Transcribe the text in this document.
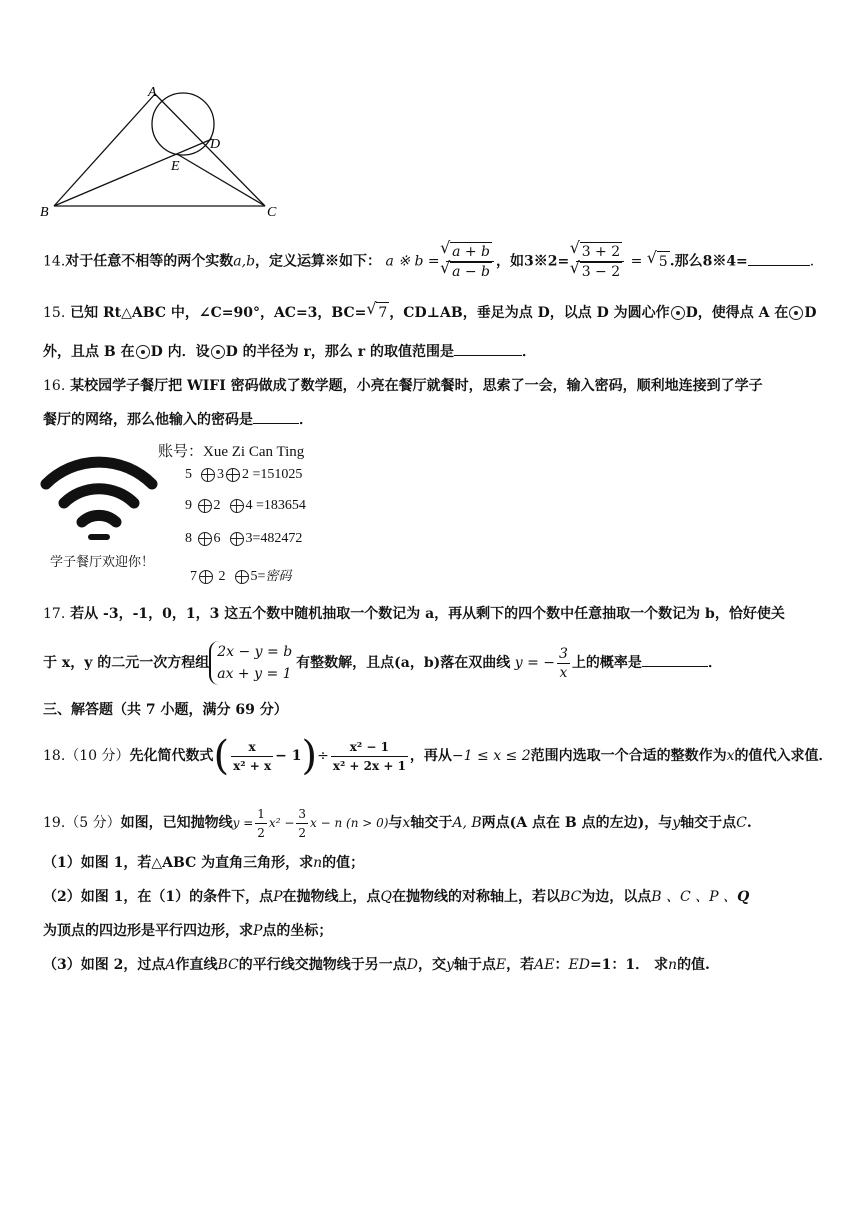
A
B	C
D
E
14.对于任意不相等的两个实数a,b，定义运算※如下： a ※ b = √ a + b
√ a − b ，如3※2= √ 3 + 2
√ 3 − 2 = √ 5 .那么8※4=	.
15. 已知 Rt△ABC 中，∠C=90°，AC=3，BC= √ 7 ，CD⊥AB，垂足为点 D，以点 D 为圆心作 D，使得点 A 在 D
外，且点 B 在 D 内．设 D 的半径为 r，那么 r 的取值范围是	．
16. 某校园学子餐厅把 WIFI 密码做成了数学题，小亮在餐厅就餐时，思索了一会，输入密码，顺利地连接到了学子
餐厅的网络，那么他输入的密码是	．
学子餐厅欢迎你！
账号：Xue Zi Can Ting
5 3 2 =151025
9 2 4 =183654
8 6 3=482472
7 2 5=密码
17. 若从 -3，-1，0，1，3 这五个数中随机抽取一个数记为 a，再从剩下的四个数中任意抽取一个数记为 b，恰好使关
于 x，y 的二元一次方程组
2x − y = b
ax + y = 1
有整数解，且点(a，b)落在双曲线 y = − $\frac{3}{x}$ 上的概率是	．
三、解答题（共 7 小题，满分 69 分）
18.（10 分）先化简代数式( $\frac{x}{\text{x² + x}} - 1)\div \frac{\text{x² − 1}}{\text{x² + 2x + 1}}$ ，再从−1 ≤ x ≤ 2范围内选取一个合适的整数作为x的值代入求值．
19.（5 分）如图，已知抛物线$y = \frac{1}{2} x^2 - \frac{3}{2}$ x − n (n > 0)与x轴交于A, B两点(A 点在 B 点的左边)，与y轴交于点C.
（1）如图 1，若△ABC 为直角三角形，求n的值；
（2）如图 1，在（1）的条件下，点P在抛物线上，点Q在抛物线的对称轴上，若以BC为边，以点B 、C 、P 、Q
为顶点的四边形是平行四边形，求P点的坐标；
（3）如图 2，过点A作直线BC的平行线交抛物线于另一点D，交y轴于点E，若AE：ED=1：1． 求n的值.
